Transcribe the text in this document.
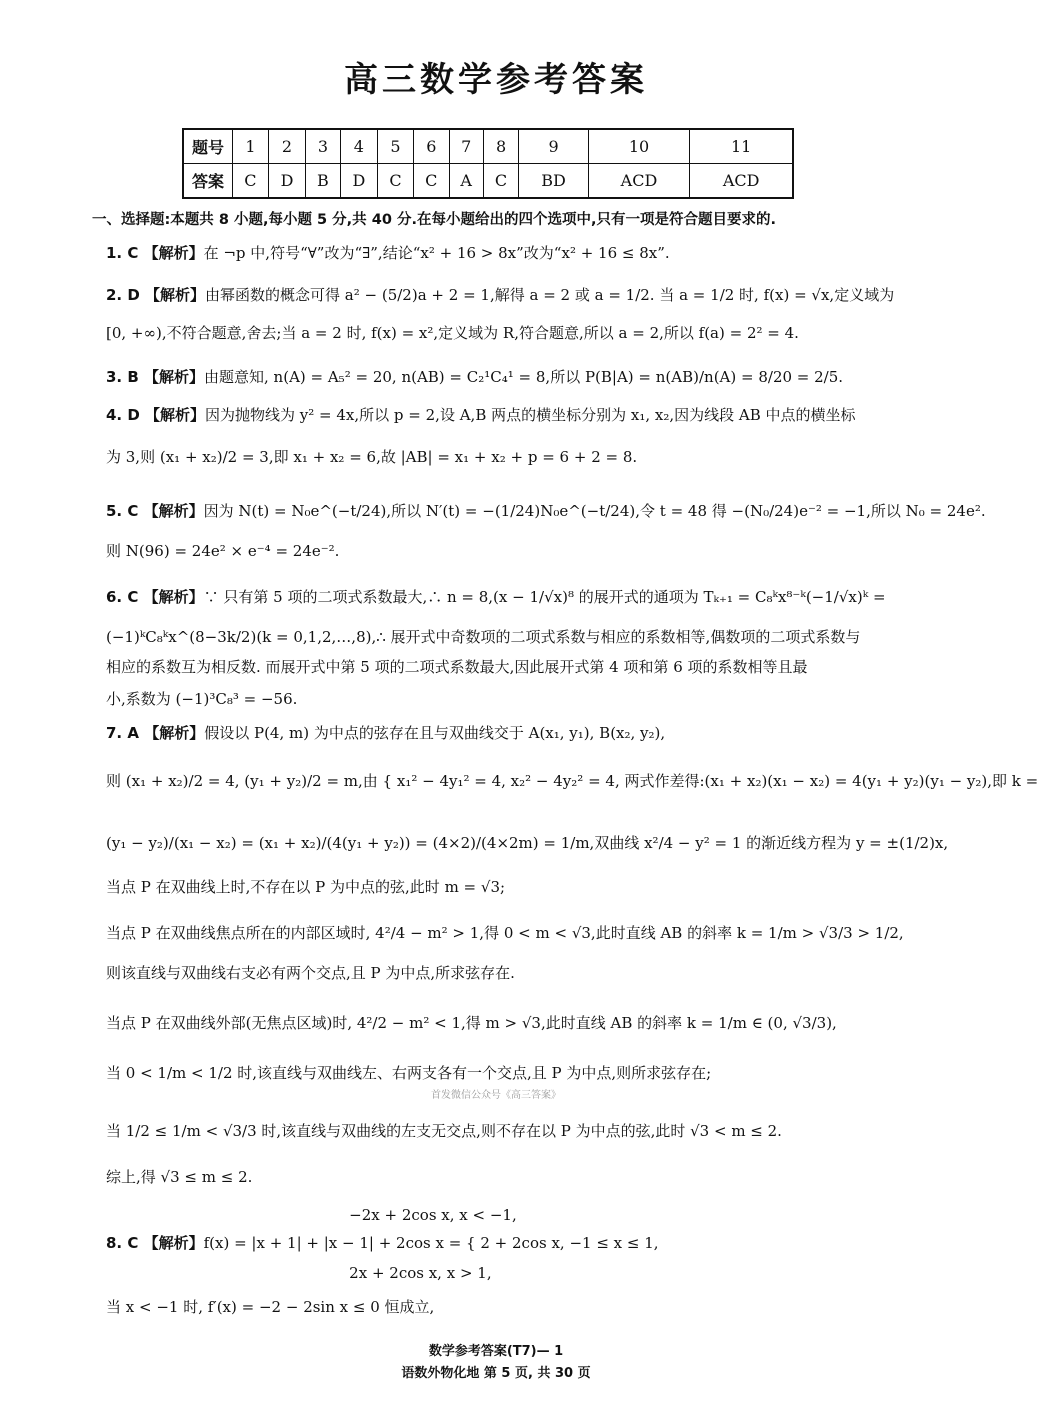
高三数学参考答案
题号	1	2	3	4	5	6	7	8	9	10	11
答案	C	D	B	D	C	C	A	C	BD	ACD	ACD
一、选择题:本题共 8 小题,每小题 5 分,共 40 分.在每小题给出的四个选项中,只有一项是符合题目要求的.
1. C 【解析】在 ¬p 中,符号“∀”改为“∃”,结论“x² + 16 > 8x”改为“x² + 16 ≤ 8x”.
2. D 【解析】由幂函数的概念可得 a² − (5/2)a + 2 = 1,解得 a = 2 或 a = 1/2. 当 a = 1/2 时, f(x) = √x,定义域为
[0, +∞),不符合题意,舍去;当 a = 2 时, f(x) = x²,定义域为 R,符合题意,所以 a = 2,所以 f(a) = 2² = 4.
3. B 【解析】由题意知, n(A) = A₅² = 20, n(AB) = C₂¹C₄¹ = 8,所以 P(B|A) = n(AB)/n(A) = 8/20 = 2/5.
4. D 【解析】因为抛物线为 y² = 4x,所以 p = 2,设 A,B 两点的横坐标分别为 x₁, x₂,因为线段 AB 中点的横坐标
为 3,则 (x₁ + x₂)/2 = 3,即 x₁ + x₂ = 6,故 |AB| = x₁ + x₂ + p = 6 + 2 = 8.
5. C 【解析】因为 N(t) = N₀e^(−t/24),所以 N′(t) = −(1/24)N₀e^(−t/24),令 t = 48 得 −(N₀/24)e⁻² = −1,所以 N₀ = 24e².
则 N(96) = 24e² × e⁻⁴ = 24e⁻².
6. C 【解析】∵ 只有第 5 项的二项式系数最大,∴ n = 8,(x − 1/√x)⁸ 的展开式的通项为 Tₖ₊₁ = C₈ᵏx⁸⁻ᵏ(−1/√x)ᵏ =
(−1)ᵏC₈ᵏx^(8−3k/2)(k = 0,1,2,…,8),∴ 展开式中奇数项的二项式系数与相应的系数相等,偶数项的二项式系数与
相应的系数互为相反数. 而展开式中第 5 项的二项式系数最大,因此展开式第 4 项和第 6 项的系数相等且最
小,系数为 (−1)³C₈³ = −56.
7. A 【解析】假设以 P(4, m) 为中点的弦存在且与双曲线交于 A(x₁, y₁), B(x₂, y₂),
则 (x₁ + x₂)/2 = 4, (y₁ + y₂)/2 = m,由 { x₁² − 4y₁² = 4, x₂² − 4y₂² = 4, 两式作差得:(x₁ + x₂)(x₁ − x₂) = 4(y₁ + y₂)(y₁ − y₂),即 k =
(y₁ − y₂)/(x₁ − x₂) = (x₁ + x₂)/(4(y₁ + y₂)) = (4×2)/(4×2m) = 1/m,双曲线 x²/4 − y² = 1 的渐近线方程为 y = ±(1/2)x,
当点 P 在双曲线上时,不存在以 P 为中点的弦,此时 m = √3;
当点 P 在双曲线焦点所在的内部区域时, 4²/4 − m² > 1,得 0 < m < √3,此时直线 AB 的斜率 k = 1/m > √3/3 > 1/2,
则该直线与双曲线右支必有两个交点,且 P 为中点,所求弦存在.
当点 P 在双曲线外部(无焦点区域)时, 4²/2 − m² < 1,得 m > √3,此时直线 AB 的斜率 k = 1/m ∈ (0, √3/3),
当 0 < 1/m < 1/2 时,该直线与双曲线左、右两支各有一个交点,且 P 为中点,则所求弦存在;
首发微信公众号《高三答案》
当 1/2 ≤ 1/m < √3/3 时,该直线与双曲线的左支无交点,则不存在以 P 为中点的弦,此时 √3 < m ≤ 2.
综上,得 √3 ≤ m ≤ 2.
−2x + 2cos x, x < −1,
8. C 【解析】f(x) = |x + 1| + |x − 1| + 2cos x = { 2 + 2cos x, −1 ≤ x ≤ 1,
2x + 2cos x, x > 1,
当 x < −1 时, f′(x) = −2 − 2sin x ≤ 0 恒成立,
数学参考答案(T7)— 1
语数外物化地 第 5 页, 共 30 页
